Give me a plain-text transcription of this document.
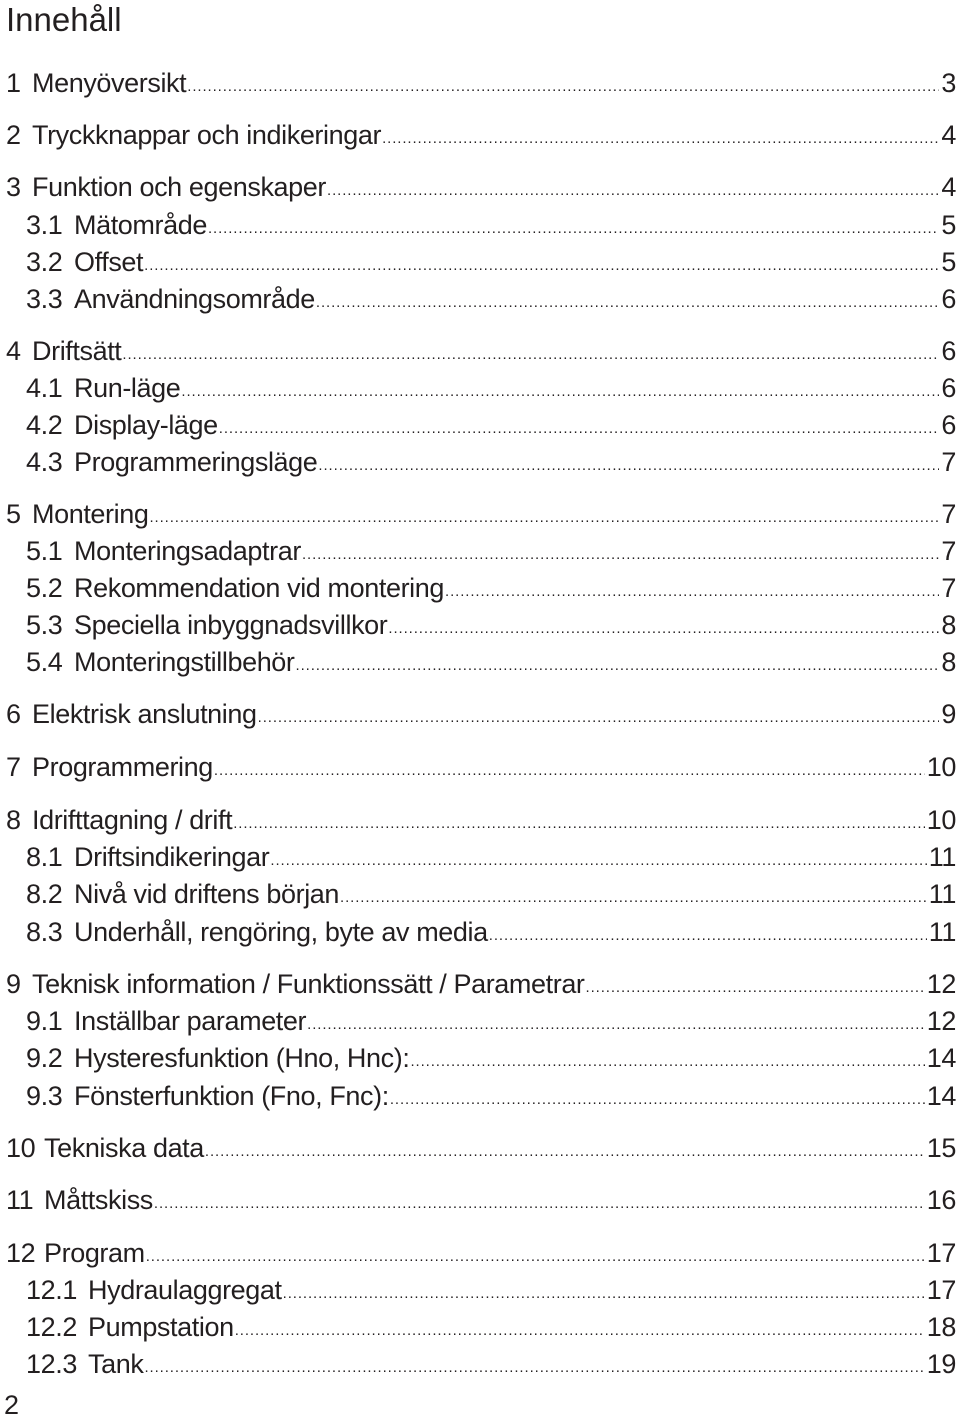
Innehåll
1 Menyöversikt .....	3
2 Tryckknappar och indikeringar .....	4
3 Funktion och egenskaper .....	4
3.1 Mätområde .....	5
3.2 Offset .....	5
3.3 Användningsområde .....	6
4 Driftsätt .....	6
4.1 Run-läge .....	6
4.2 Display-läge .....	6
4.3 Programmeringsläge .....	7
5 Montering .....	7
5.1 Monteringsadaptrar .....	7
5.2 Rekommendation vid montering .....	7
5.3 Speciella inbyggnadsvillkor .....	8
5.4 Monteringstillbehör .....	8
6 Elektrisk anslutning .....	9
7 Programmering .....	10
8 Idrifttagning / drift .....	10
8.1 Driftsindikeringar .....	11
8.2 Nivå vid driftens början .....	11
8.3 Underhåll, rengöring, byte av media .....	11
9 Teknisk information / Funktionssätt / Parametrar .....	12
9.1 Inställbar parameter .....	12
9.2 Hysteresfunktion (Hno, Hnc): .....	14
9.3 Fönsterfunktion (Fno, Fnc): .....	14
10 Tekniska data .....	15
11 Måttskiss .....	16
12 Program .....	17
12.1 Hydraulaggregat .....	17
12.2 Pumpstation .....	18
12.3 Tank .....	19
2
